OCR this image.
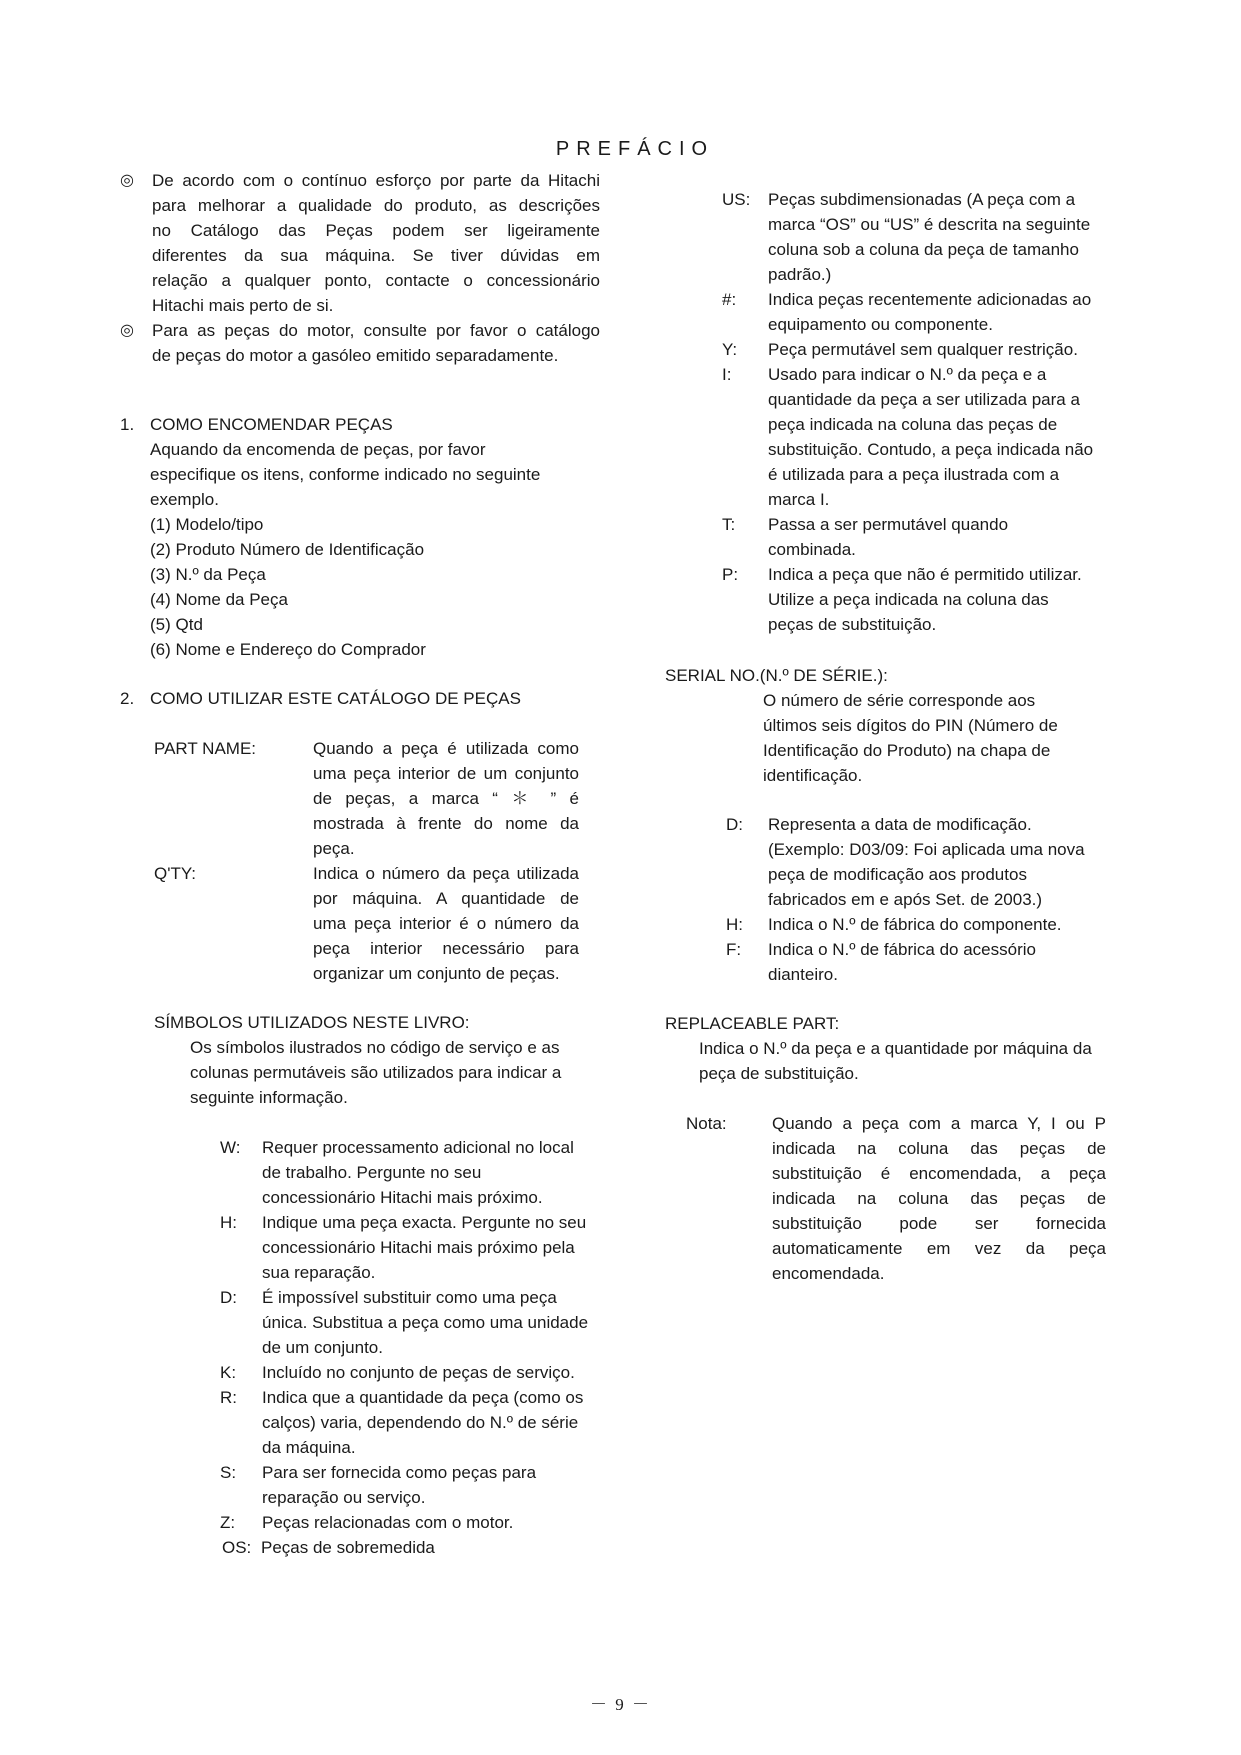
PREFÁCIO
◎ De acordo com o contínuo esforço por parte da Hitachi
para melhorar a qualidade do produto, as descrições
no Catálogo das Peças podem ser ligeiramente
diferentes da sua máquina. Se tiver dúvidas em
relação a qualquer ponto, contacte o concessionário
Hitachi mais perto de si.
◎ Para as peças do motor, consulte por favor o catálogo
de peças do motor a gasóleo emitido separadamente.
1. COMO ENCOMENDAR PEÇAS
Aquando da encomenda de peças, por favor
especifique os itens, conforme indicado no seguinte
exemplo.
(1) Modelo/tipo
(2) Produto Número de Identificação
(3) N.º da Peça
(4) Nome da Peça
(5) Qtd
(6) Nome e Endereço do Comprador
2. COMO UTILIZAR ESTE CATÁLOGO DE PEÇAS
PART NAME:	Quando a peça é utilizada como
uma peça interior de um conjunto
de peças, a marca “ ＊ ” é
mostrada à frente do nome da
peça.
Q'TY:	Indica o número da peça utilizada
por máquina. A quantidade de
uma peça interior é o número da
peça interior necessário para
organizar um conjunto de peças.
SÍMBOLOS UTILIZADOS NESTE LIVRO:
Os símbolos ilustrados no código de serviço e as
colunas permutáveis são utilizados para indicar a
seguinte informação.
W: Requer processamento adicional no local
de trabalho. Pergunte no seu
concessionário Hitachi mais próximo.
H: Indique uma peça exacta. Pergunte no seu
concessionário Hitachi mais próximo pela
sua reparação.
D: É impossível substituir como uma peça
única. Substitua a peça como uma unidade
de um conjunto.
K: Incluído no conjunto de peças de serviço.
R: Indica que a quantidade da peça (como os
calços) varia, dependendo do N.º de série
da máquina.
S: Para ser fornecida como peças para
reparação ou serviço.
Z: Peças relacionadas com o motor.
OS: Peças de sobremedida
US: Peças subdimensionadas (A peça com a
marca “OS” ou “US” é descrita na seguinte
coluna sob a coluna da peça de tamanho
padrão.)
#: Indica peças recentemente adicionadas ao
equipamento ou componente.
Y: Peça permutável sem qualquer restrição.
I: Usado para indicar o N.º da peça e a
quantidade da peça a ser utilizada para a
peça indicada na coluna das peças de
substituição. Contudo, a peça indicada não
é utilizada para a peça ilustrada com a
marca I.
T: Passa a ser permutável quando
combinada.
P: Indica a peça que não é permitido utilizar.
Utilize a peça indicada na coluna das
peças de substituição.
SERIAL NO.(N.º DE SÉRIE.):
O número de série corresponde aos
últimos seis dígitos do PIN (Número de
Identificação do Produto) na chapa de
identificação.
D: Representa a data de modificação.
(Exemplo: D03/09: Foi aplicada uma nova
peça de modificação aos produtos
fabricados em e após Set. de 2003.)
H: Indica o N.º de fábrica do componente.
F: Indica o N.º de fábrica do acessório
dianteiro.
REPLACEABLE PART:
Indica o N.º da peça e a quantidade por máquina da
peça de substituição.
Nota:	Quando a peça com a marca Y, I ou P
indicada na coluna das peças de
substituição é encomendada, a peça
indicada na coluna das peças de
substituição pode ser fornecida
automaticamente em vez da peça
encomendada.
－ 9 －
